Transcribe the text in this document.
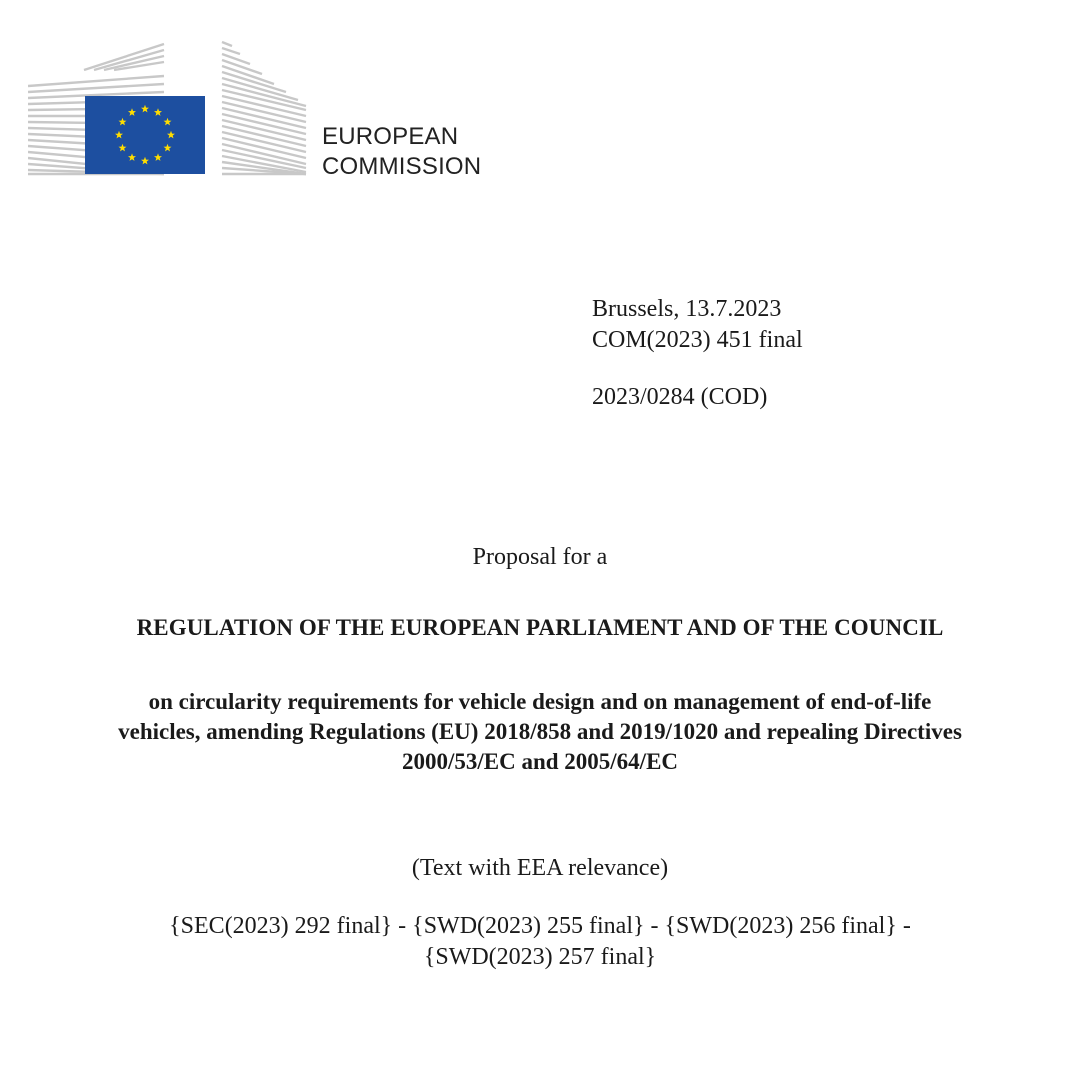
EUROPEAN
COMMISSION
Brussels, 13.7.2023
COM(2023) 451 final
2023/0284 (COD)
Proposal for a
REGULATION OF THE EUROPEAN PARLIAMENT AND OF THE COUNCIL
on circularity requirements for vehicle design and on management of end-of-life
vehicles, amending Regulations (EU) 2018/858 and 2019/1020 and repealing Directives
2000/53/EC and 2005/64/EC
(Text with EEA relevance)
{SEC(2023) 292 final} - {SWD(2023) 255 final} - {SWD(2023) 256 final} -
{SWD(2023) 257 final}
